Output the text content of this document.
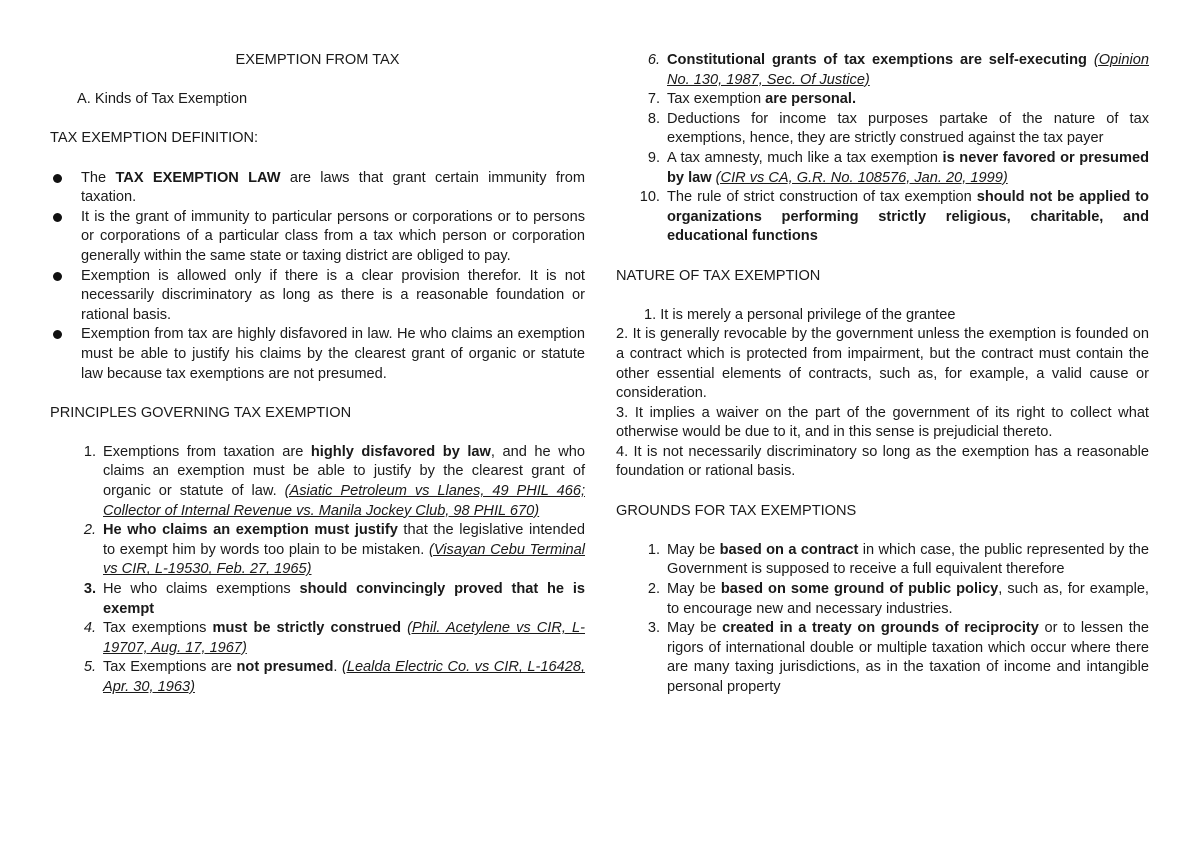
EXEMPTION FROM TAX
A. Kinds of Tax Exemption
TAX EXEMPTION DEFINITION:
The TAX EXEMPTION LAW are laws that grant certain immunity from taxation.
It is the grant of immunity to particular persons or corporations or to persons or corporations of a particular class from a tax which person or corporation generally within the same state or taxing district are obliged to pay.
Exemption is allowed only if there is a clear provision therefor. It is not necessarily discriminatory as long as there is a reasonable foundation or rational basis.
Exemption from tax are highly disfavored in law. He who claims an exemption must be able to justify his claims by the clearest grant of organic or statute law because tax exemptions are not presumed.
PRINCIPLES GOVERNING TAX EXEMPTION
1. Exemptions from taxation are highly disfavored by law, and he who claims an exemption must be able to justify by the clearest grant of organic or statute of law. (Asiatic Petroleum vs Llanes, 49 PHIL 466; Collector of Internal Revenue vs. Manila Jockey Club, 98 PHIL 670)
2. He who claims an exemption must justify that the legislative intended to exempt him by words too plain to be mistaken. (Visayan Cebu Terminal vs CIR, L-19530, Feb. 27, 1965)
3. He who claims exemptions should convincingly proved that he is exempt
4. Tax exemptions must be strictly construed (Phil. Acetylene vs CIR, L-19707, Aug. 17, 1967)
5. Tax Exemptions are not presumed. (Lealda Electric Co. vs CIR, L-16428, Apr. 30, 1963)
6. Constitutional grants of tax exemptions are self-executing (Opinion No. 130, 1987, Sec. Of Justice)
7. Tax exemption are personal.
8. Deductions for income tax purposes partake of the nature of tax exemptions, hence, they are strictly construed against the tax payer
9. A tax amnesty, much like a tax exemption is never favored or presumed by law (CIR vs CA, G.R. No. 108576, Jan. 20, 1999)
10. The rule of strict construction of tax exemption should not be applied to organizations performing strictly religious, charitable, and educational functions
NATURE OF TAX EXEMPTION
1. It is merely a personal privilege of the grantee
2. It is generally revocable by the government unless the exemption is founded on a contract which is protected from impairment, but the contract must contain the other essential elements of contracts, such as, for example, a valid cause or consideration.
3. It implies a waiver on the part of the government of its right to collect what otherwise would be due to it, and in this sense is prejudicial thereto.
4. It is not necessarily discriminatory so long as the exemption has a reasonable foundation or rational basis.
GROUNDS FOR TAX EXEMPTIONS
1. May be based on a contract in which case, the public represented by the Government is supposed to receive a full equivalent therefore
2. May be based on some ground of public policy, such as, for example, to encourage new and necessary industries.
3. May be created in a treaty on grounds of reciprocity or to lessen the rigors of international double or multiple taxation which occur where there are many taxing jurisdictions, as in the taxation of income and intangible personal property
